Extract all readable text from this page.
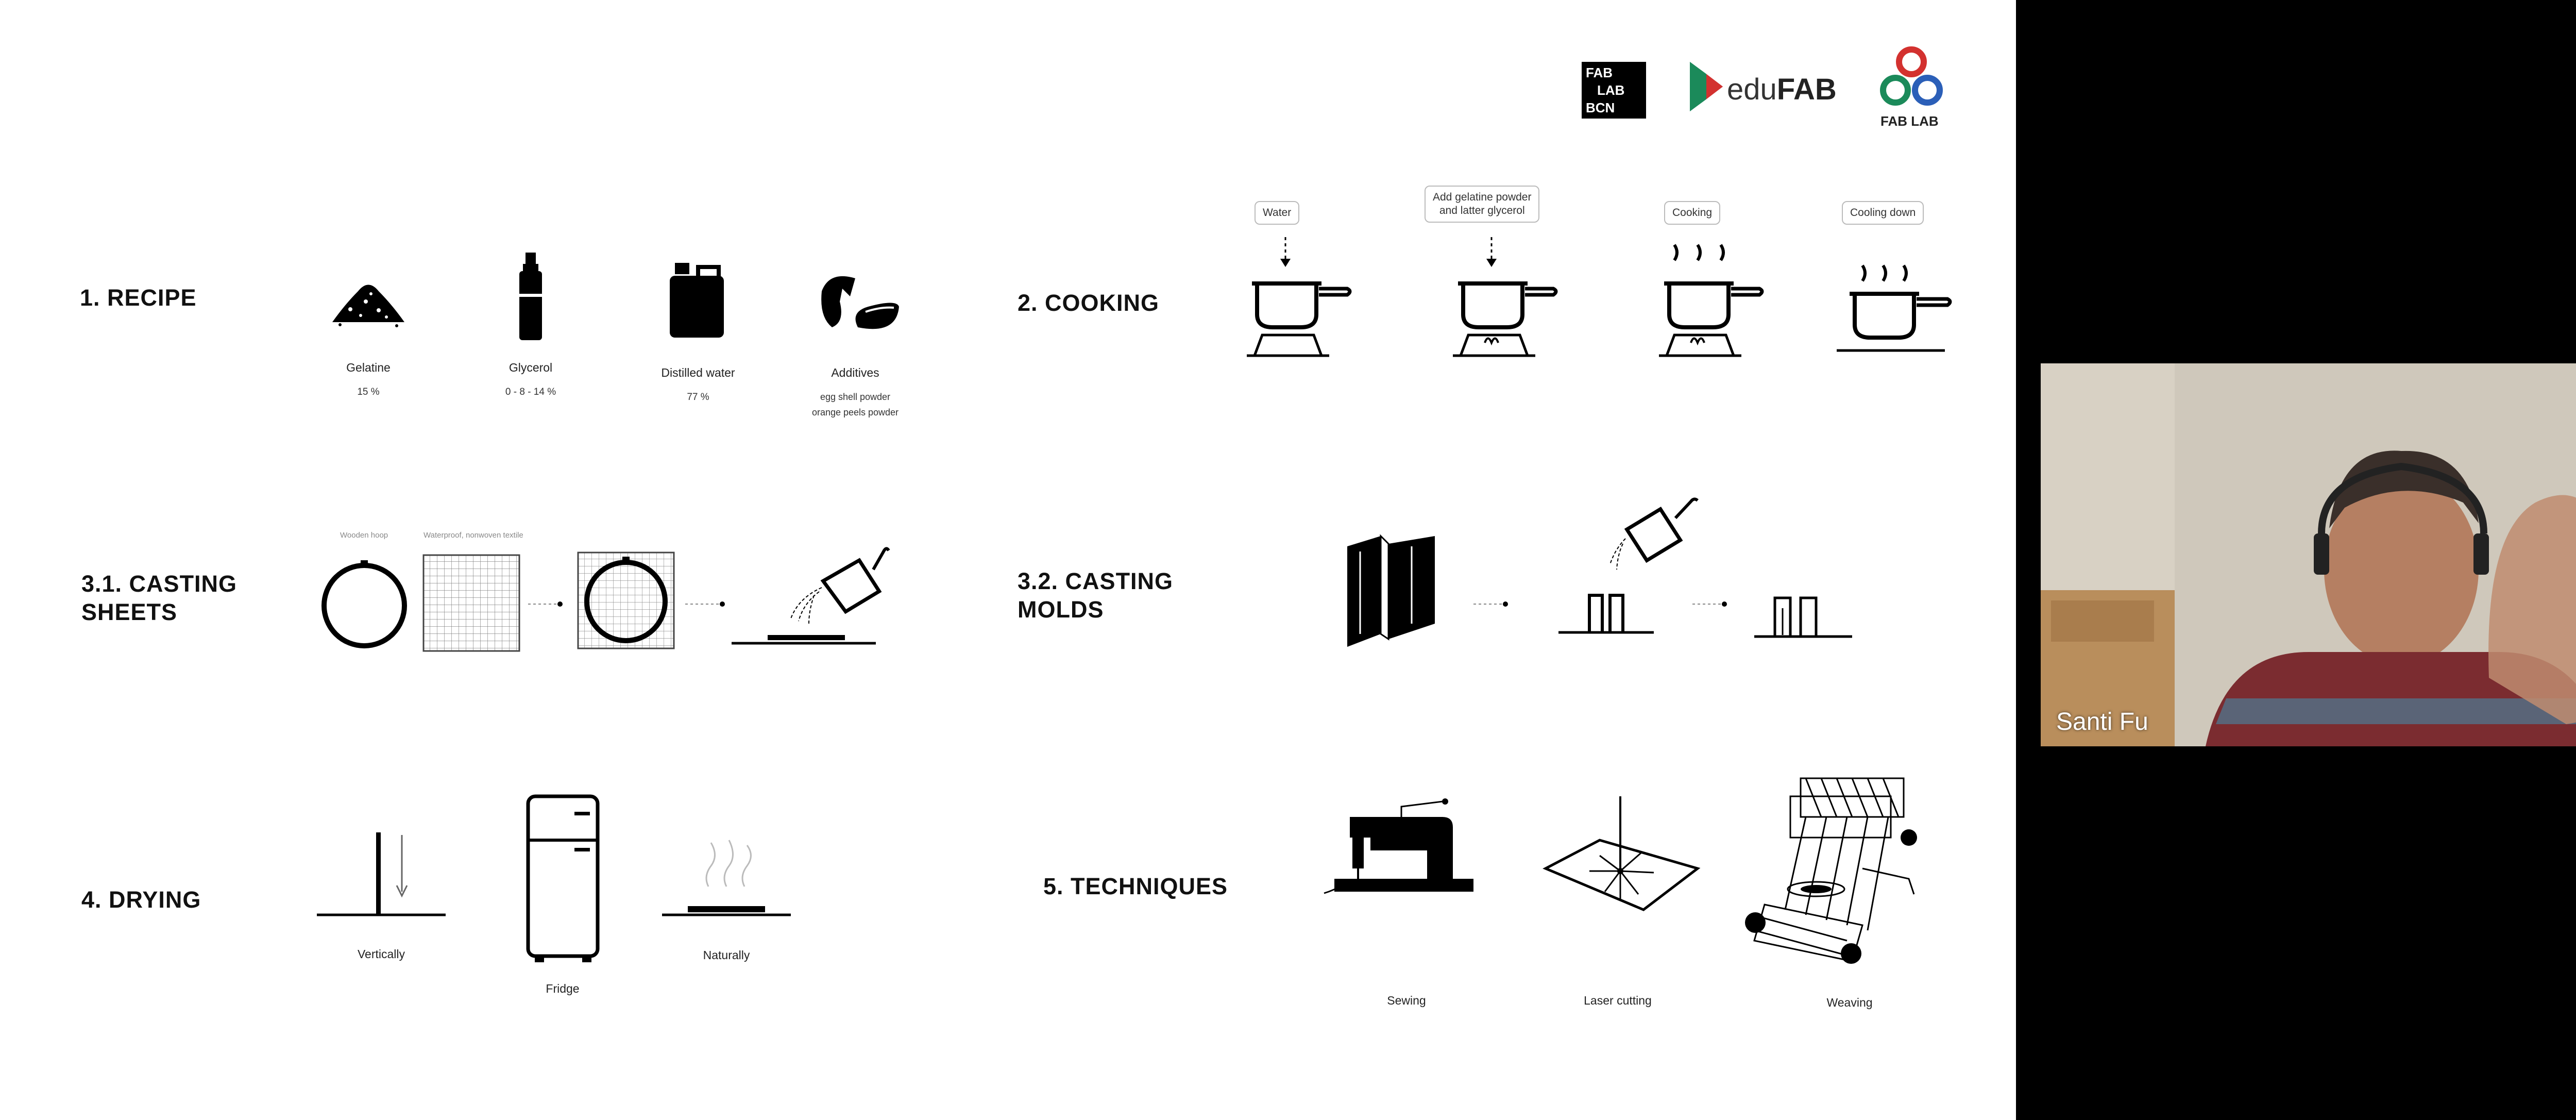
FAB
LAB
BCN
eduFAB
FAB LAB
1. RECIPE
Gelatine
15 %
Glycerol
0 - 8 - 14 %
Distilled water
77 %
Additives
egg shell powder
orange peels powder
2. COOKING
Water
Add gelatine powder
and latter glycerol	Cooking	Cooling down
3.1. CASTING
SHEETS
Wooden hoop	Waterproof, nonwoven textile
3.2. CASTING
MOLDS
4. DRYING
Vertically
Fridge
Naturally
5. TECHNIQUES
Sewing	Laser cutting	Weaving
Santi Fu
